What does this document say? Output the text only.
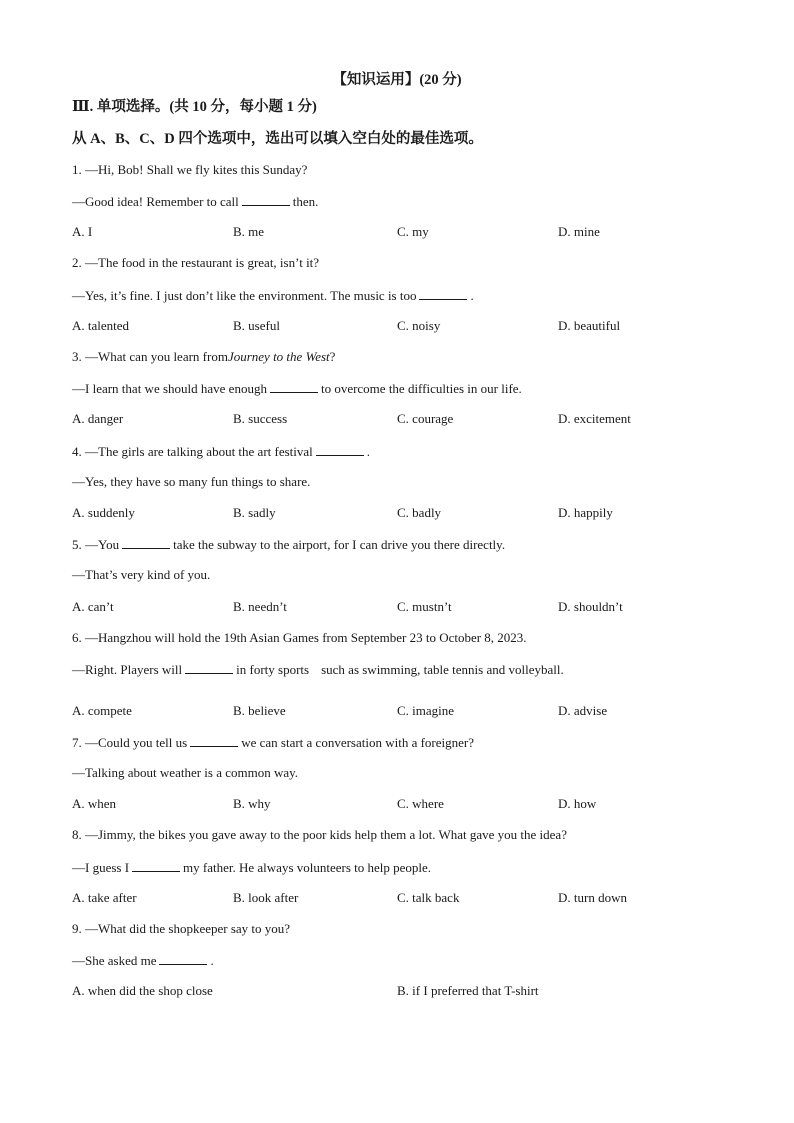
【知识运用】(20 分)
Ⅲ. 单项选择。(共 10 分，每小题 1 分)
从 A、B、C、D 四个选项中，选出可以填入空白处的最佳选项。
1. —Hi, Bob! Shall we fly kites this Sunday?
—Good idea! Remember to call	then.
A. I	B. me	C. my	D. mine
2. —The food in the restaurant is great, isn’t it?
—Yes, it’s fine. I just don’t like the environment. The music is too	.
A. talented	B. useful	C. noisy	D. beautiful
3. —What can you learn fromJourney to the West?
—I learn that we should have enough	to overcome the difficulties in our life.
A. danger	B. success	C. courage	D. excitement
4. —The girls are talking about the art festival	.
—Yes, they have so many fun things to share.
A. suddenly	B. sadly	C. badly	D. happily
5. —You	take the subway to the airport, for I can drive you there directly.
—That’s very kind of you.
A. can’t	B. needn’t	C. mustn’t	D. shouldn’t
6. —Hangzhou will hold the 19th Asian Games from September 23 to October 8, 2023.
—Right. Players will	in forty sports such as swimming, table tennis and volleyball.
A. compete	B. believe	C. imagine	D. advise
7. —Could you tell us	we can start a conversation with a foreigner?
—Talking about weather is a common way.
A. when	B. why	C. where	D. how
8. —Jimmy, the bikes you gave away to the poor kids help them a lot. What gave you the idea?
—I guess I	my father. He always volunteers to help people.
A. take after	B. look after	C. talk back	D. turn down
9. —What did the shopkeeper say to you?
—She asked me	.
A. when did the shop close	B. if I preferred that T-shirt
